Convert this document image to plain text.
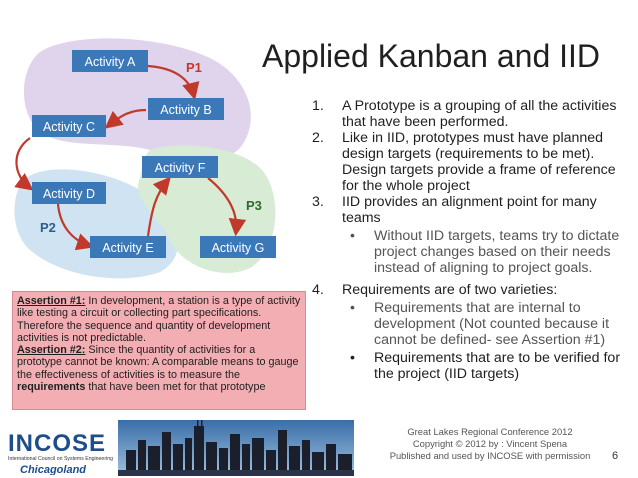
Activity A
Activity B
Activity C
Activity F
Activity D
Activity E	Activity G
P1
P2
P3
Applied Kanban and IID
1. A Prototype is a grouping of all the activities that have been performed.
2. Like in IID, prototypes must have planned design targets (requirements to be met). Design targets provide a frame of reference for the whole project
3. IID provides an alignment point for many teams
• Without IID targets, teams try to dictate project changes based on their needs instead of aligning to project goals.
4. Requirements are of two varieties:
• Requirements that are internal to development (Not counted because it cannot be defined- see Assertion #1)
• Requirements that are to be verified for the project (IID targets)
Assertion #1: In development, a station is a type of activity like testing a circuit or collecting part specifications. Therefore the sequence and quantity of development activities is not predictable.
Assertion #2: Since the quantity of activities for a prototype cannot be known: A comparable means to gauge the effectiveness of activities is to measure the requirements that have been met for that prototype
INCOSE
International Council on Systems Engineering
Chicagoland
Great Lakes Regional Conference 2012
Copyright © 2012 by : Vincent Spena
Published and used by INCOSE with permission	6
